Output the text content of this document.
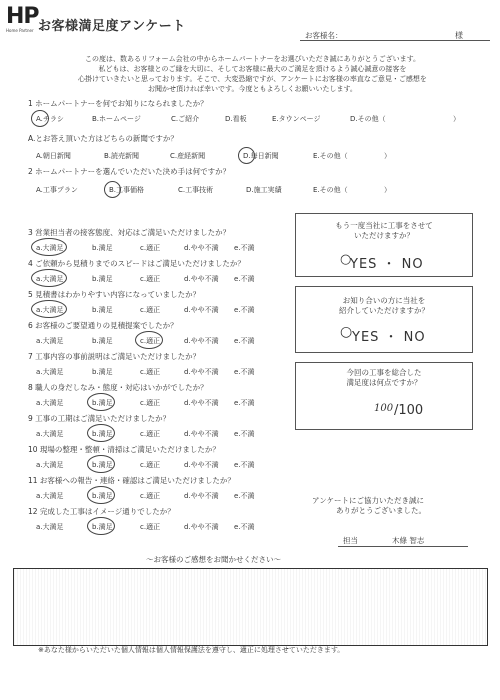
HP
Home Partner お客様満足度アンケート
お客様名：	様
この度は、数あるリフォーム会社の中からホームパートナーをお選びいただき誠にありがとうございます。
私どもは、お客様とのご縁を大切に、そしてお客様に最大のご満足を頂けるよう誠心誠意の接客を
心掛けていきたいと思っております。そこで、大変恐縮ですが、アンケートにお客様の率直なご意見・ご感想を
お聞かせ頂ければ幸いです。今度ともよろしくお願いいたします。
1 ホームパートナーを何でお知りになられましたか？
A.チラシ	B.ホームページ	C.ご紹介	D.看板	E.タウンページ	D.その他（	）
A.とお答え頂いた方はどちらの新聞ですか？
A.朝日新聞	B.読売新聞	C.産経新聞	D.毎日新聞	E.その他（	）
2 ホームパートナーを選んでいただいた決め手は何ですか？
A.工事プラン	B.工事価格	C.工事技術	D.施工実績	E.その他（	）
3 営業担当者の接客態度、対応はご満足いただけましたか？
a.大満足	b.満足	c.適正	d.やや不満 e.不満
4 ご依頼から見積りまでのスピードはご満足いただけましたか？
a.大満足	b.満足	c.適正	d.やや不満 e.不満
5 見積書はわかりやすい内容になっていましたか？
a.大満足	b.満足	c.適正	d.やや不満 e.不満
6 お客様のご要望通りの見積提案でしたか？
a.大満足	b.満足	c.適正	d.やや不満 e.不満
7 工事内容の事前説明はご満足いただけましたか？
a.大満足	b.満足	c.適正	d.やや不満 e.不満
8 職人の身だしなみ・態度・対応はいかがでしたか？
a.大満足	b.満足	c.適正	d.やや不満 e.不満
9 工事の工期はご満足いただけましたか？
a.大満足	b.満足	c.適正	d.やや不満 e.不満
10 現場の整理・整頓・清掃はご満足いただけましたか？
a.大満足	b.満足	c.適正	d.やや不満 e.不満
11 お客様への報告・連絡・確認はご満足いただけましたか？
a.大満足	b.満足	c.適正	d.やや不満 e.不満
12 完成した工事はイメージ通りでしたか？
a.大満足	b.満足	c.適正	d.やや不満 e.不満
もう一度当社に工事をさせて
いただけますか？
YES ・ NO
○
お知り合いの方に当社を
紹介していただけますか？
YES ・ NO
○
今回の工事を総合した
満足度は何点ですか？
100 /100
アンケートにご協力いただき誠に
ありがとうございました。
担当	木條 智志
〜お客様のご感想をお聞かせください〜
※あなた様からいただいた個人情報は個人情報保護法を遵守し、適正に処理させていただきます。
